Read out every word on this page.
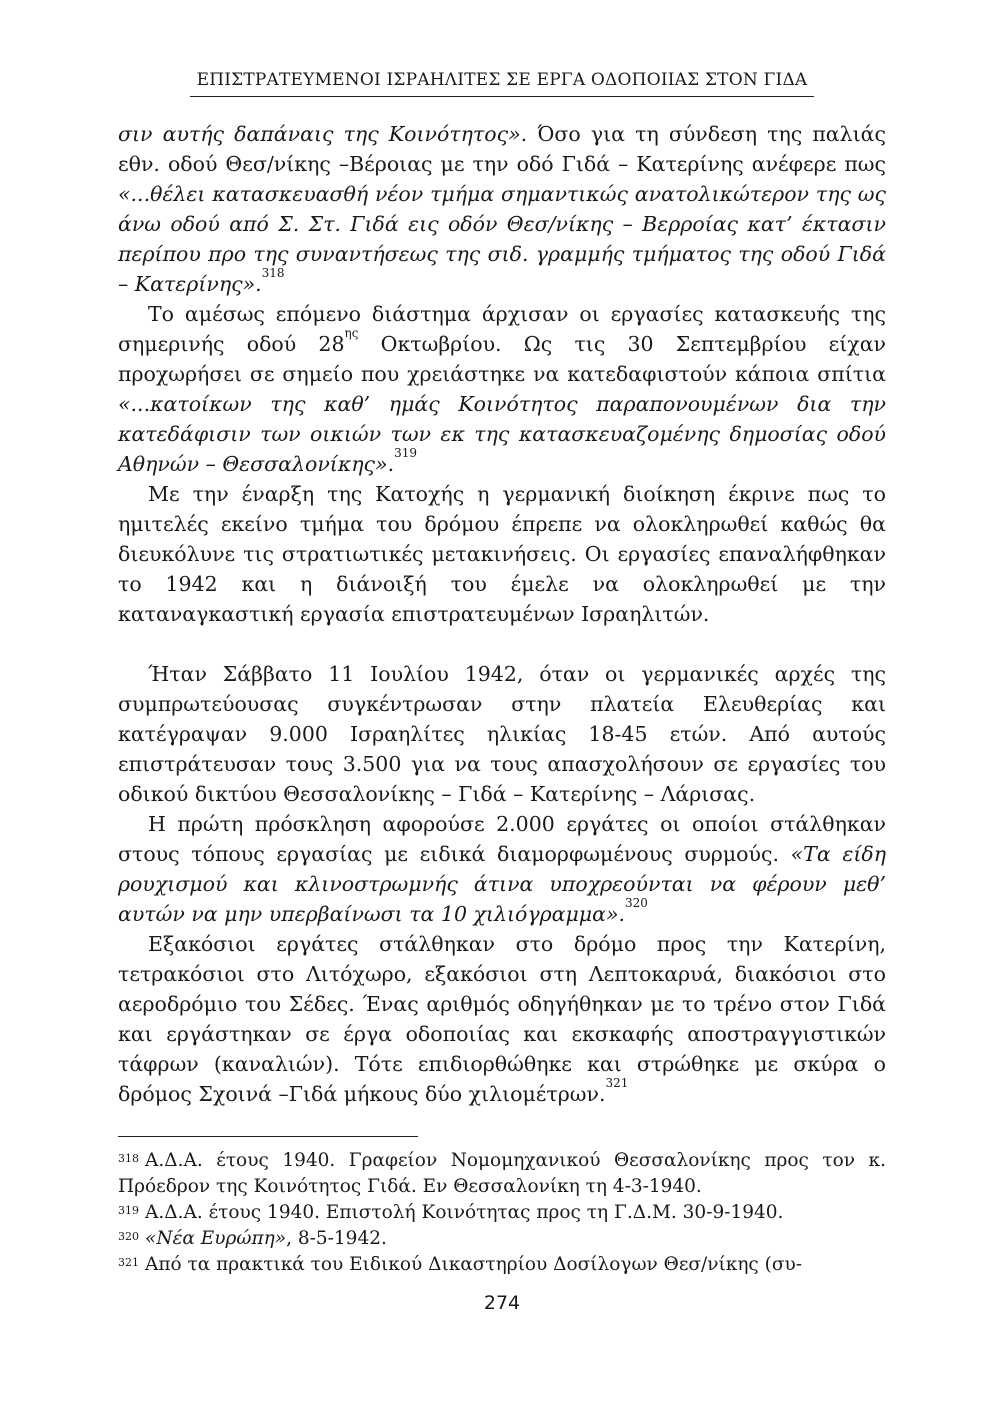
ΕΠΙΣΤΡΑΤΕΥΜΕΝΟΙ ΙΣΡΑΗΛΙΤΕΣ ΣΕ ΕΡΓΑ ΟΔΟΠΟΙΙΑΣ ΣΤΟΝ ΓΙΔΑ

σιν αυτής δαπάναις της Κοινότητος». Όσο για τη σύνδεση της παλιάς εθν. οδού Θεσ/νίκης –Βέροιας με την οδό Γιδά – Κατερίνης ανέφερε πως «...θέλει κατασκευασθή νέον τμήμα σημαντικώς ανατολικώτερον της ως άνω οδού από Σ. Στ. Γιδά εις οδόν Θεσ/νίκης – Βερροίας κατ’ έκτασιν περίπου προ της συναντήσεως της σιδ. γραμμής τμήματος της οδού Γιδά – Κατερίνης».$^{318}$

Το αμέσως επόμενο διάστημα άρχισαν οι εργασίες κατασκευής της σημερινής οδού 28$^{\eta\varsigma}$ Οκτωβρίου. Ως τις 30 Σεπτεμβρίου είχαν προχωρήσει σε σημείο που χρειάστηκε να κατεδαφιστούν κάποια σπίτια «...κατοίκων της καθ’ ημάς Κοινότητος παραπονουμένων δια την κατεδάφισιν των οικιών των εκ της κατασκευαζομένης δημοσίας οδού Αθηνών – Θεσσαλονίκης».$^{319}$

Με την έναρξη της Κατοχής η γερμανική διοίκηση έκρινε πως το ημιτελές εκείνο τμήμα του δρόμου έπρεπε να ολοκληρωθεί καθώς θα διευκόλυνε τις στρατιωτικές μετακινήσεις. Οι εργασίες επαναλήφθηκαν το 1942 και η διάνοιξή του έμελε να ολοκληρωθεί με την καταναγκαστική εργασία επιστρατευμένων Ισραηλιτών.

Ήταν Σάββατο 11 Ιουλίου 1942, όταν οι γερμανικές αρχές της συμπρωτεύουσας συγκέντρωσαν στην πλατεία Ελευθερίας και κατέγραψαν 9.000 Ισραηλίτες ηλικίας 18-45 ετών. Από αυτούς επιστράτευσαν τους 3.500 για να τους απασχολήσουν σε εργασίες του οδικού δικτύου Θεσσαλονίκης – Γιδά – Κατερίνης – Λάρισας.

Η πρώτη πρόσκληση αφορούσε 2.000 εργάτες οι οποίοι στάλθηκαν στους τόπους εργασίας με ειδικά διαμορφωμένους συρμούς. «Τα είδη ρουχισμού και κλινοστρωμνής άτινα υποχρεούνται να φέρουν μεθ’ αυτών να μην υπερβαίνωσι τα 10 χιλιόγραμμα».$^{320}$

Εξακόσιοι εργάτες στάλθηκαν στο δρόμο προς την Κατερίνη, τετρακόσιοι στο Λιτόχωρο, εξακόσιοι στη Λεπτοκαρυά, διακόσιοι στο αεροδρόμιο του Σέδες. Ένας αριθμός οδηγήθηκαν με το τρένο στον Γιδά και εργάστηκαν σε έργα οδοποιίας και εκσκαφής αποστραγγιστικών τάφρων (καναλιών). Τότε επιδιορθώθηκε και στρώθηκε με σκύρα ο δρόμος Σχοινά –Γιδά μήκους δύο χιλιομέτρων.$^{321}$

$^{318}$ Α.Δ.Α. έτους 1940. Γραφείον Νομομηχανικού Θεσσαλονίκης προς τον κ. Πρόεδρον της Κοινότητος Γιδά. Εν Θεσσαλονίκη τη 4-3-1940.

$^{319}$ Α.Δ.Α. έτους 1940. Επιστολή Κοινότητας προς τη Γ.Δ.Μ. 30-9-1940.

$^{320}$ «Νέα Ευρώπη», 8-5-1942.

$^{321}$ Από τα πρακτικά του Ειδικού Δικαστηρίου Δοσίλογων Θεσ/νίκης (συ-

274
